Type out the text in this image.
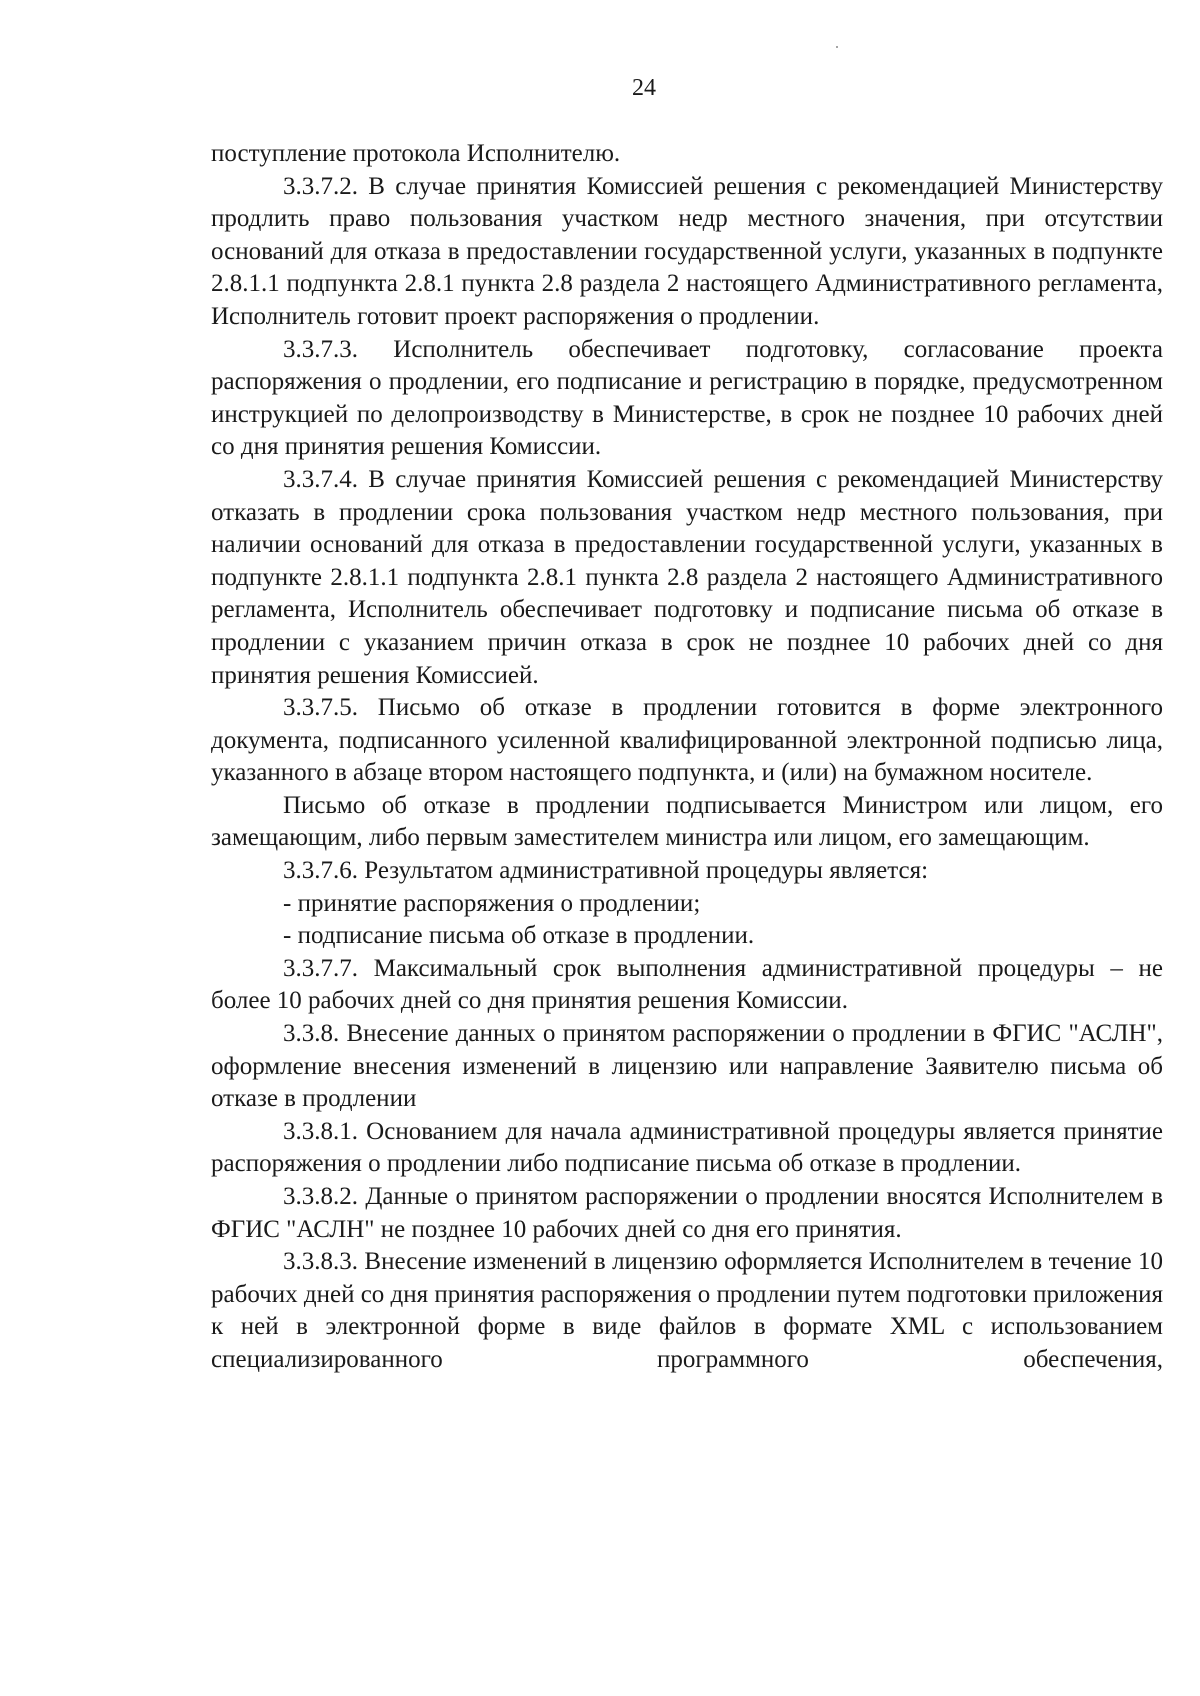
24

поступление протокола Исполнителю.

3.3.7.2. В случае принятия Комиссией решения с рекомендацией Министерству продлить право пользования участком недр местного значения, при отсутствии оснований для отказа в предоставлении государственной услуги, указанных в подпункте 2.8.1.1 подпункта 2.8.1 пункта 2.8 раздела 2 настоящего Административного регламента, Исполнитель готовит проект распоряжения о продлении.

3.3.7.3. Исполнитель обеспечивает подготовку, согласование проекта распоряжения о продлении, его подписание и регистрацию в порядке, предусмотренном инструкцией по делопроизводству в Министерстве, в срок не позднее 10 рабочих дней со дня принятия решения Комиссии.

3.3.7.4. В случае принятия Комиссией решения с рекомендацией Министерству отказать в продлении срока пользования участком недр местного пользования, при наличии оснований для отказа в предоставлении государственной услуги, указанных в подпункте 2.8.1.1 подпункта 2.8.1 пункта 2.8 раздела 2 настоящего Административного регламента, Исполнитель обеспечивает подготовку и подписание письма об отказе в продлении с указанием причин отказа в срок не позднее 10 рабочих дней со дня принятия решения Комиссией.

3.3.7.5. Письмо об отказе в продлении готовится в форме электронного документа, подписанного усиленной квалифицированной электронной подписью лица, указанного в абзаце втором настоящего подпункта, и (или) на бумажном носителе.

Письмо об отказе в продлении подписывается Министром или лицом, его замещающим, либо первым заместителем министра или лицом, его замещающим.

3.3.7.6. Результатом административной процедуры является:

- принятие распоряжения о продлении;

- подписание письма об отказе в продлении.

3.3.7.7. Максимальный срок выполнения административной процедуры – не более 10 рабочих дней со дня принятия решения Комиссии.

3.3.8. Внесение данных о принятом распоряжении о продлении в ФГИС "АСЛН", оформление внесения изменений в лицензию или направление Заявителю письма об отказе в продлении

3.3.8.1. Основанием для начала административной процедуры является принятие распоряжения о продлении либо подписание письма об отказе в продлении.

3.3.8.2. Данные о принятом распоряжении о продлении вносятся Исполнителем в ФГИС "АСЛН" не позднее 10 рабочих дней со дня его принятия.

3.3.8.3. Внесение изменений в лицензию оформляется Исполнителем в течение 10 рабочих дней со дня принятия распоряжения о продлении путем подготовки приложения к ней в электронной форме в виде файлов в формате XML с использованием специализированного программного обеспечения,
